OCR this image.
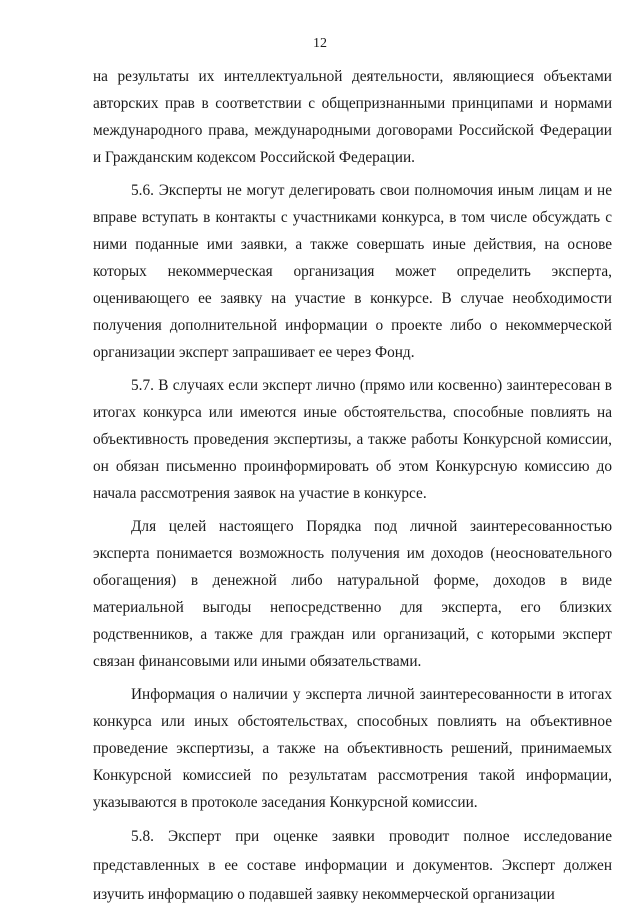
12

на результаты их интеллектуальной деятельности, являющиеся объектами авторских прав в соответствии с общепризнанными принципами и нормами международного права, международными договорами Российской Федерации и Гражданским кодексом Российской Федерации.

5.6. Эксперты не могут делегировать свои полномочия иным лицам и не вправе вступать в контакты с участниками конкурса, в том числе обсуждать с ними поданные ими заявки, а также совершать иные действия, на основе которых некоммерческая организация может определить эксперта, оценивающего ее заявку на участие в конкурсе. В случае необходимости получения дополнительной информации о проекте либо о некоммерческой организации эксперт запрашивает ее через Фонд.

5.7. В случаях если эксперт лично (прямо или косвенно) заинтересован в итогах конкурса или имеются иные обстоятельства, способные повлиять на объективность проведения экспертизы, а также работы Конкурсной комиссии, он обязан письменно проинформировать об этом Конкурсную комиссию до начала рассмотрения заявок на участие в конкурсе.

Для целей настоящего Порядка под личной заинтересованностью эксперта понимается возможность получения им доходов (неосновательного обогащения) в денежной либо натуральной форме, доходов в виде материальной выгоды непосредственно для эксперта, его близких родственников, а также для граждан или организаций, с которыми эксперт связан финансовыми или иными обязательствами.

Информация о наличии у эксперта личной заинтересованности в итогах конкурса или иных обстоятельствах, способных повлиять на объективное проведение экспертизы, а также на объективность решений, принимаемых Конкурсной комиссией по результатам рассмотрения такой информации, указываются в протоколе заседания Конкурсной комиссии.

5.8. Эксперт при оценке заявки проводит полное исследование представленных в ее составе информации и документов. Эксперт должен изучить информацию о подавшей заявку некоммерческой организации
